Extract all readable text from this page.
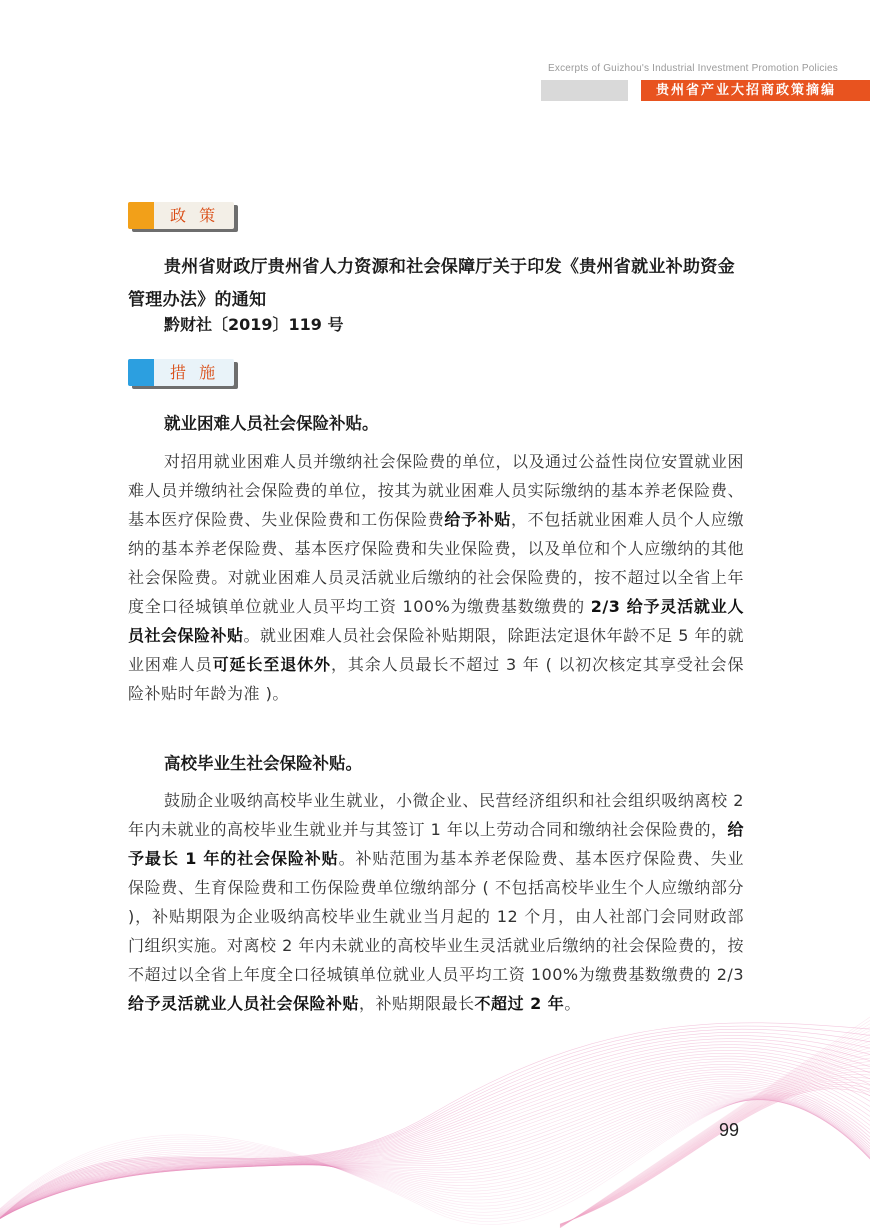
Excerpts of Guizhou's Industrial Investment Promotion Policies
贵州省产业大招商政策摘编
政 策
贵州省财政厅贵州省人力资源和社会保障厅关于印发《贵州省就业补助资金管理办法》的通知
黔财社〔2019〕119 号
措 施
就业困难人员社会保险补贴。
对招用就业困难人员并缴纳社会保险费的单位，以及通过公益性岗位安置就业困难人员并缴纳社会保险费的单位，按其为就业困难人员实际缴纳的基本养老保险费、基本医疗保险费、失业保险费和工伤保险费给予补贴，不包括就业困难人员个人应缴纳的基本养老保险费、基本医疗保险费和失业保险费，以及单位和个人应缴纳的其他社会保险费。对就业困难人员灵活就业后缴纳的社会保险费的，按不超过以全省上年度全口径城镇单位就业人员平均工资 100%为缴费基数缴费的 2/3 给予灵活就业人员社会保险补贴。就业困难人员社会保险补贴期限，除距法定退休年龄不足 5 年的就业困难人员可延长至退休外，其余人员最长不超过 3 年 ( 以初次核定其享受社会保险补贴时年龄为准 )。
高校毕业生社会保险补贴。
鼓励企业吸纳高校毕业生就业，小微企业、民营经济组织和社会组织吸纳离校 2 年内未就业的高校毕业生就业并与其签订 1 年以上劳动合同和缴纳社会保险费的，给予最长 1 年的社会保险补贴。补贴范围为基本养老保险费、基本医疗保险费、失业保险费、生育保险费和工伤保险费单位缴纳部分 ( 不包括高校毕业生个人应缴纳部分 )，补贴期限为企业吸纳高校毕业生就业当月起的 12 个月，由人社部门会同财政部门组织实施。对离校 2 年内未就业的高校毕业生灵活就业后缴纳的社会保险费的，按不超过以全省上年度全口径城镇单位就业人员平均工资 100%为缴费基数缴费的 2/3 给予灵活就业人员社会保险补贴，补贴期限最长不超过 2 年。
99
